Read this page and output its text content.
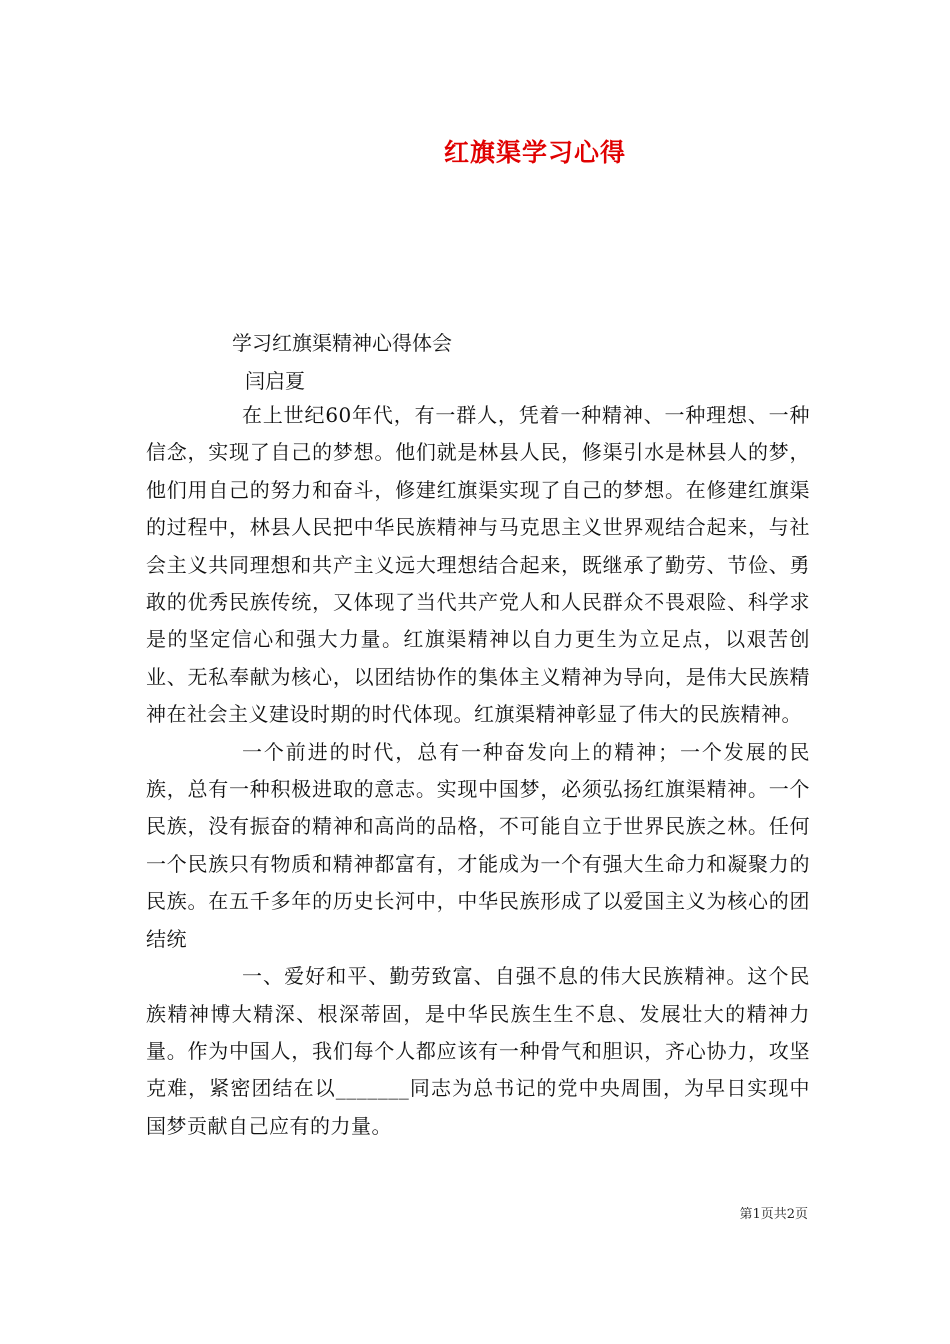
红旗渠学习心得

学习红旗渠精神心得体会

闫启夏

在上世纪60年代，有一群人，凭着一种精神、一种理想、一种信念，实现了自己的梦想。他们就是林县人民，修渠引水是林县人的梦，他们用自己的努力和奋斗，修建红旗渠实现了自己的梦想。在修建红旗渠的过程中，林县人民把中华民族精神与马克思主义世界观结合起来，与社会主义共同理想和共产主义远大理想结合起来，既继承了勤劳、节俭、勇敢的优秀民族传统，又体现了当代共产党人和人民群众不畏艰险、科学求是的坚定信心和强大力量。红旗渠精神以自力更生为立足点，以艰苦创业、无私奉献为核心，以团结协作的集体主义精神为导向，是伟大民族精神在社会主义建设时期的时代体现。红旗渠精神彰显了伟大的民族精神。

一个前进的时代，总有一种奋发向上的精神；一个发展的民族，总有一种积极进取的意志。实现中国梦，必须弘扬红旗渠精神。一个民族，没有振奋的精神和高尚的品格，不可能自立于世界民族之林。任何一个民族只有物质和精神都富有，才能成为一个有强大生命力和凝聚力的民族。在五千多年的历史长河中，中华民族形成了以爱国主义为核心的团结统

一、爱好和平、勤劳致富、自强不息的伟大民族精神。这个民族精神博大精深、根深蒂固，是中华民族生生不息、发展壮大的精神力量。作为中国人，我们每个人都应该有一种骨气和胆识，齐心协力，攻坚克难，紧密团结在以_______同志为总书记的党中央周围，为早日实现中国梦贡献自己应有的力量。

第1页共2页
